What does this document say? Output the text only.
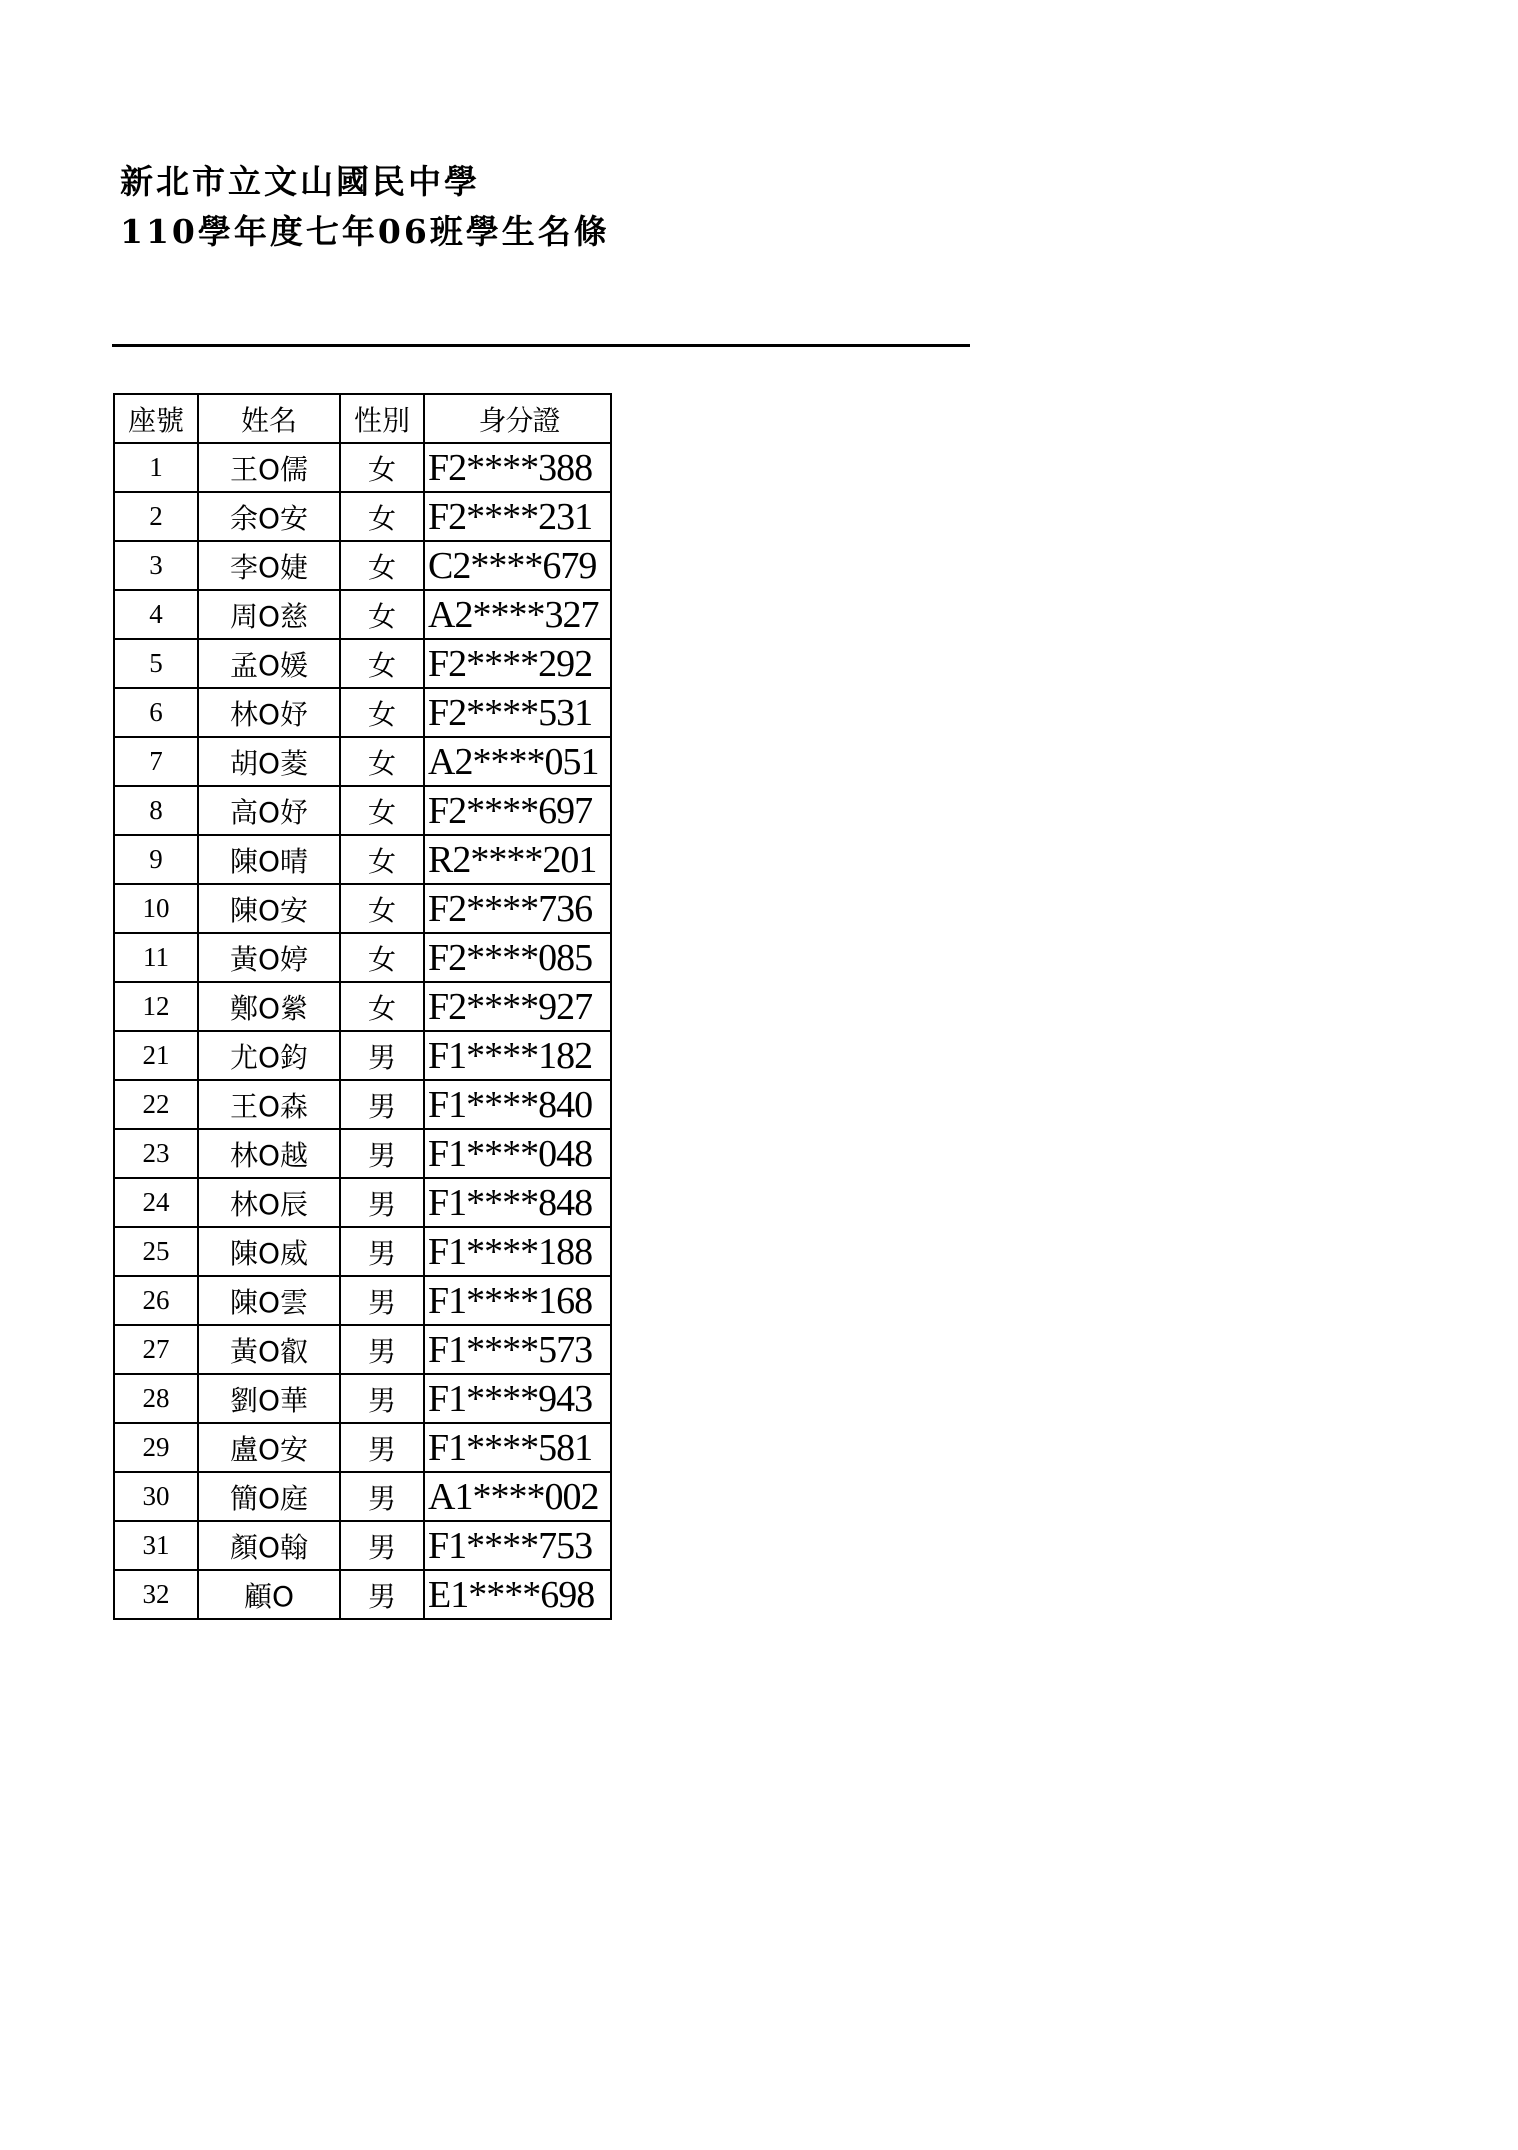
新北市立文山國民中學
110學年度七年06班學生名條
座號	姓名	性別	身分證
1	王O儒	女	F2****388
2	余O安	女	F2****231
3	李O婕	女	C2****679
4	周O慈	女	A2****327
5	孟O媛	女	F2****292
6	林O妤	女	F2****531
7	胡O菱	女	A2****051
8	高O妤	女	F2****697
9	陳O晴	女	R2****201
10	陳O安	女	F2****736
11	黃O婷	女	F2****085
12	鄭O縈	女	F2****927
21	尤O鈞	男	F1****182
22	王O森	男	F1****840
23	林O越	男	F1****048
24	林O辰	男	F1****848
25	陳O威	男	F1****188
26	陳O雲	男	F1****168
27	黃O叡	男	F1****573
28	劉O華	男	F1****943
29	盧O安	男	F1****581
30	簡O庭	男	A1****002
31	顏O翰	男	F1****753
32	顧O	男	E1****698
